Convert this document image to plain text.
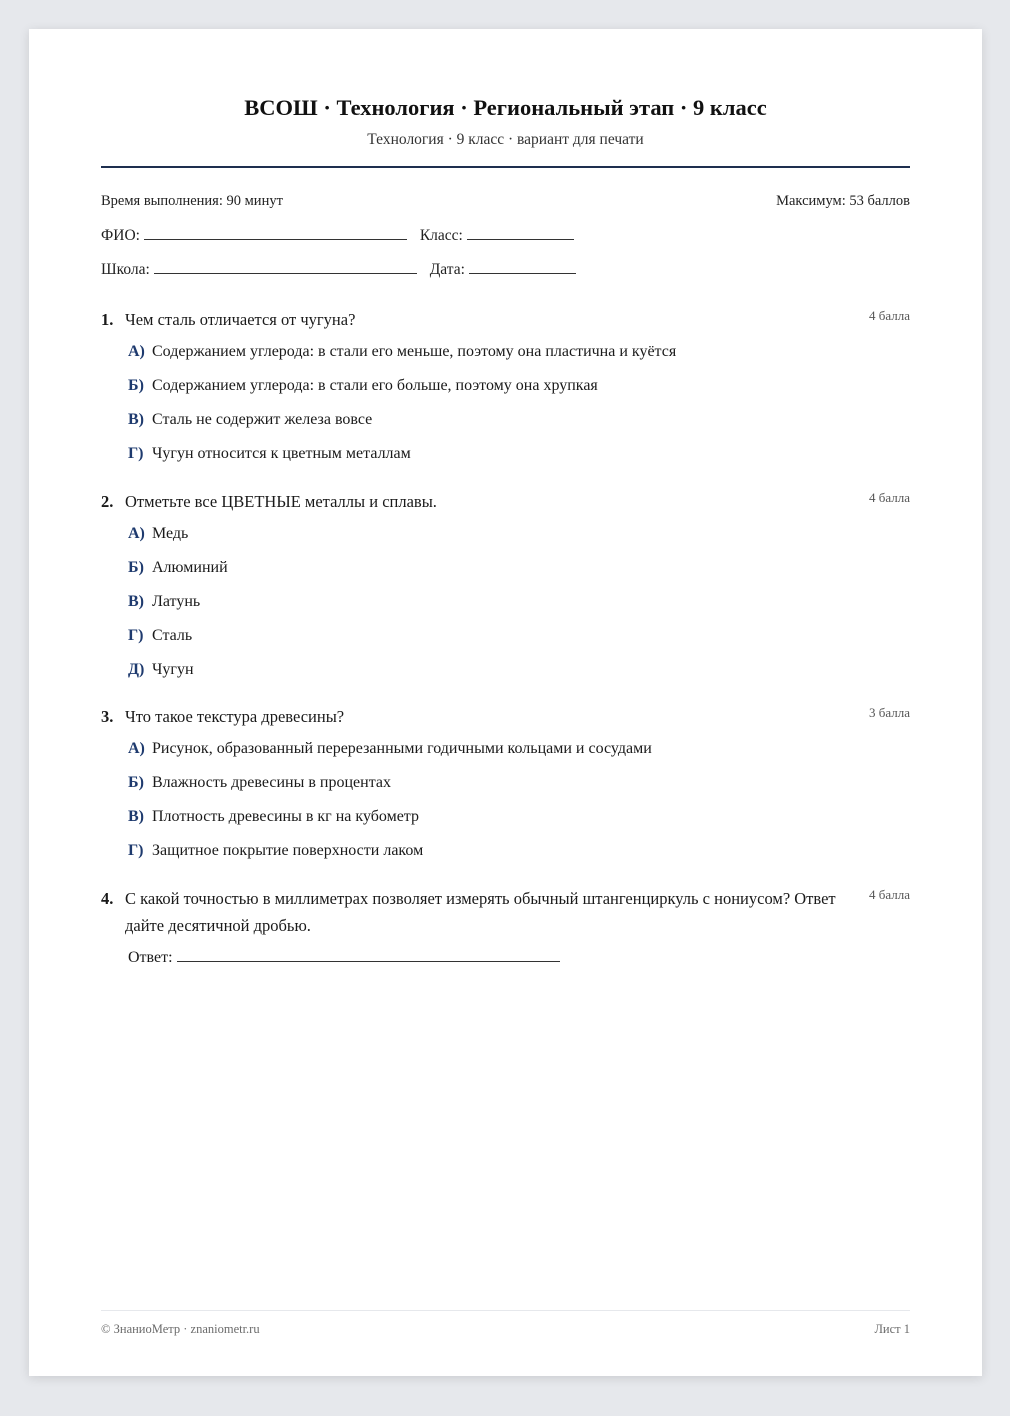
ВСОШ · Технология · Региональный этап · 9 класс
Технология · 9 класс · вариант для печати
Время выполнения: 90 минут	Максимум: 53 баллов
ФИО:	Класс:
Школа:	Дата:
1. Чем сталь отличается от чугуна?	4 балла
А) Содержанием углерода: в стали его меньше, поэтому она пластична и куётся
Б) Содержанием углерода: в стали его больше, поэтому она хрупкая
В) Сталь не содержит железа вовсе
Г) Чугун относится к цветным металлам
2. Отметьте все ЦВЕТНЫЕ металлы и сплавы.	4 балла
А) Медь
Б) Алюминий
В) Латунь
Г) Сталь
Д) Чугун
3. Что такое текстура древесины?	3 балла
А) Рисунок, образованный перерезанными годичными кольцами и сосудами
Б) Влажность древесины в процентах
В) Плотность древесины в кг на кубометр
Г) Защитное покрытие поверхности лаком
4. С какой точностью в миллиметрах позволяет измерять обычный штангенциркуль с нониусом? Ответ дайте десятичной дробью.
4 балла
Ответ:
© ЗнаниоМетр · znaniometr.ru	Лист 1
